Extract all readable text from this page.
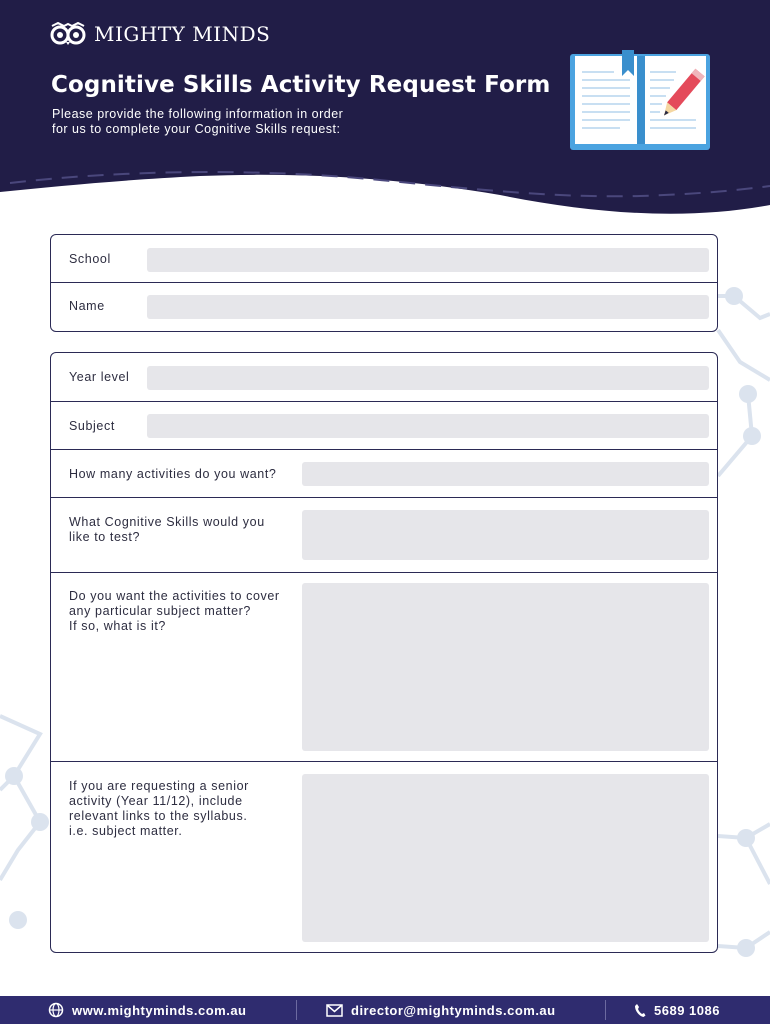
MIGHTY MINDS
Cognitive Skills Activity Request Form
Please provide the following information in order
for us to complete your Cognitive Skills request:
School
Name
Year level
Subject
How many activities do you want?
What Cognitive Skills would you
like to test?
Do you want the activities to cover
any particular subject matter?
If so, what is it?
If you are requesting a senior
activity (Year 11/12), include
relevant links to the syllabus.
i.e. subject matter.
www.mightyminds.com.au	director@mightyminds.com.au	5689 1086
